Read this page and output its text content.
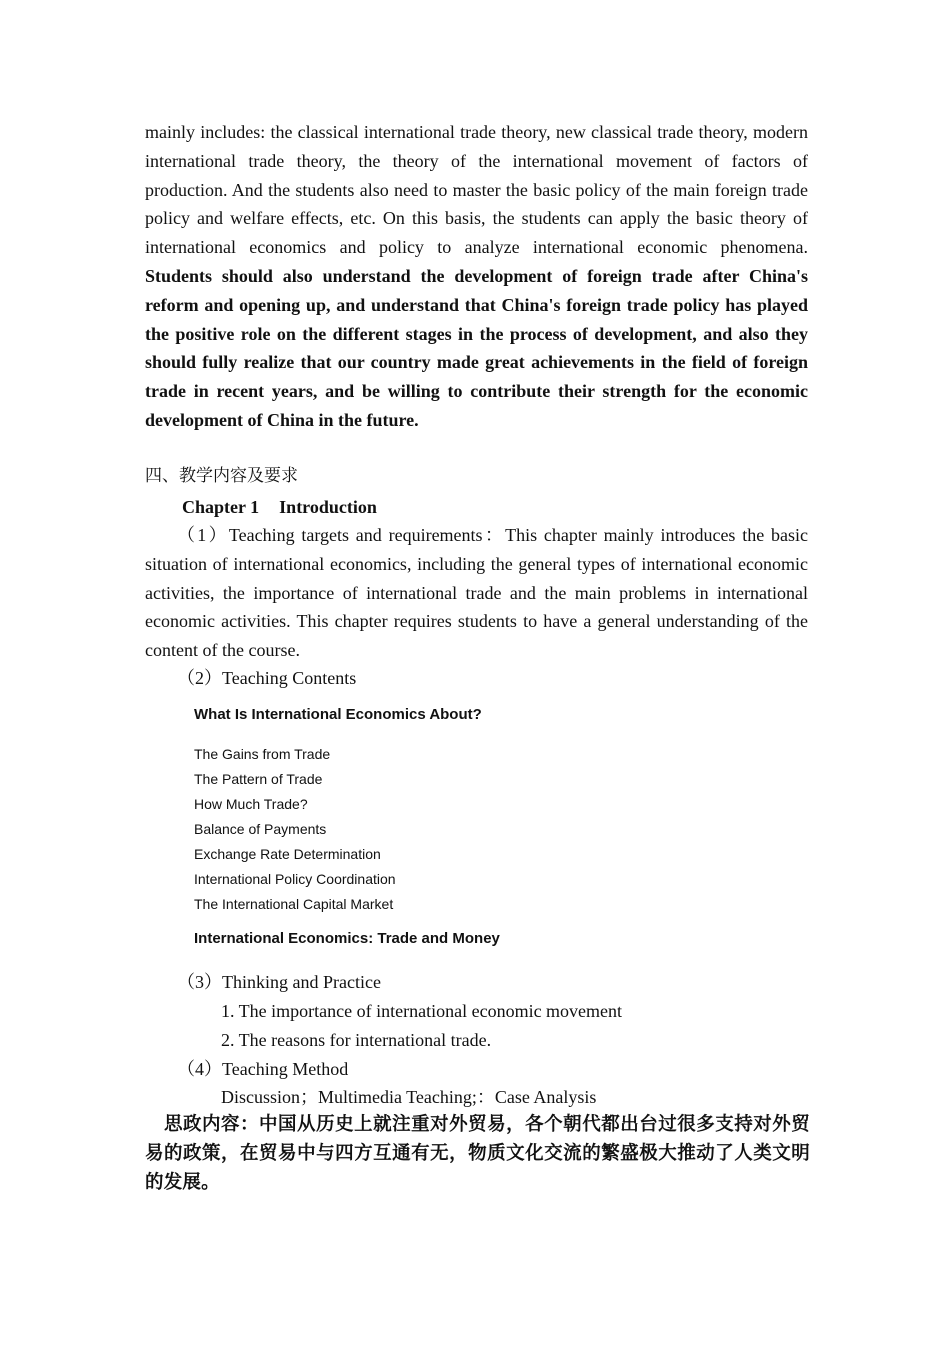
mainly includes: the classical international trade theory, new classical trade theory, modern international trade theory, the theory of the international movement of factors of production. And the students also need to master the basic policy of the main foreign trade policy and welfare effects, etc. On this basis, the students can apply the basic theory of international economics and policy to analyze international economic phenomena. Students should also understand the development of foreign trade after China's reform and opening up, and understand that China's foreign trade policy has played the positive role on the different stages in the process of development, and also they should fully realize that our country made great achievements in the field of foreign trade in recent years, and be willing to contribute their strength for the economic development of China in the future.

四、教学内容及要求
Chapter 1 Introduction

（1）Teaching targets and requirements：This chapter mainly introduces the basic situation of international economics, including the general types of international economic activities, the importance of international trade and the main problems in international economic activities. This chapter requires students to have a general understanding of the content of the course.

（2）Teaching Contents
What Is International Economics About?
The Gains from Trade
The Pattern of Trade
How Much Trade?
Balance of Payments
Exchange Rate Determination
International Policy Coordination
The International Capital Market
International Economics: Trade and Money
（3）Thinking and Practice
1. The importance of international economic movement
2. The reasons for international trade.
（4）Teaching Method
Discussion；Multimedia Teaching;：Case Analysis

思政内容：中国从历史上就注重对外贸易，各个朝代都出台过很多支持对外贸易的政策，在贸易中与四方互通有无，物质文化交流的繁盛极大推动了人类文明的发展。
